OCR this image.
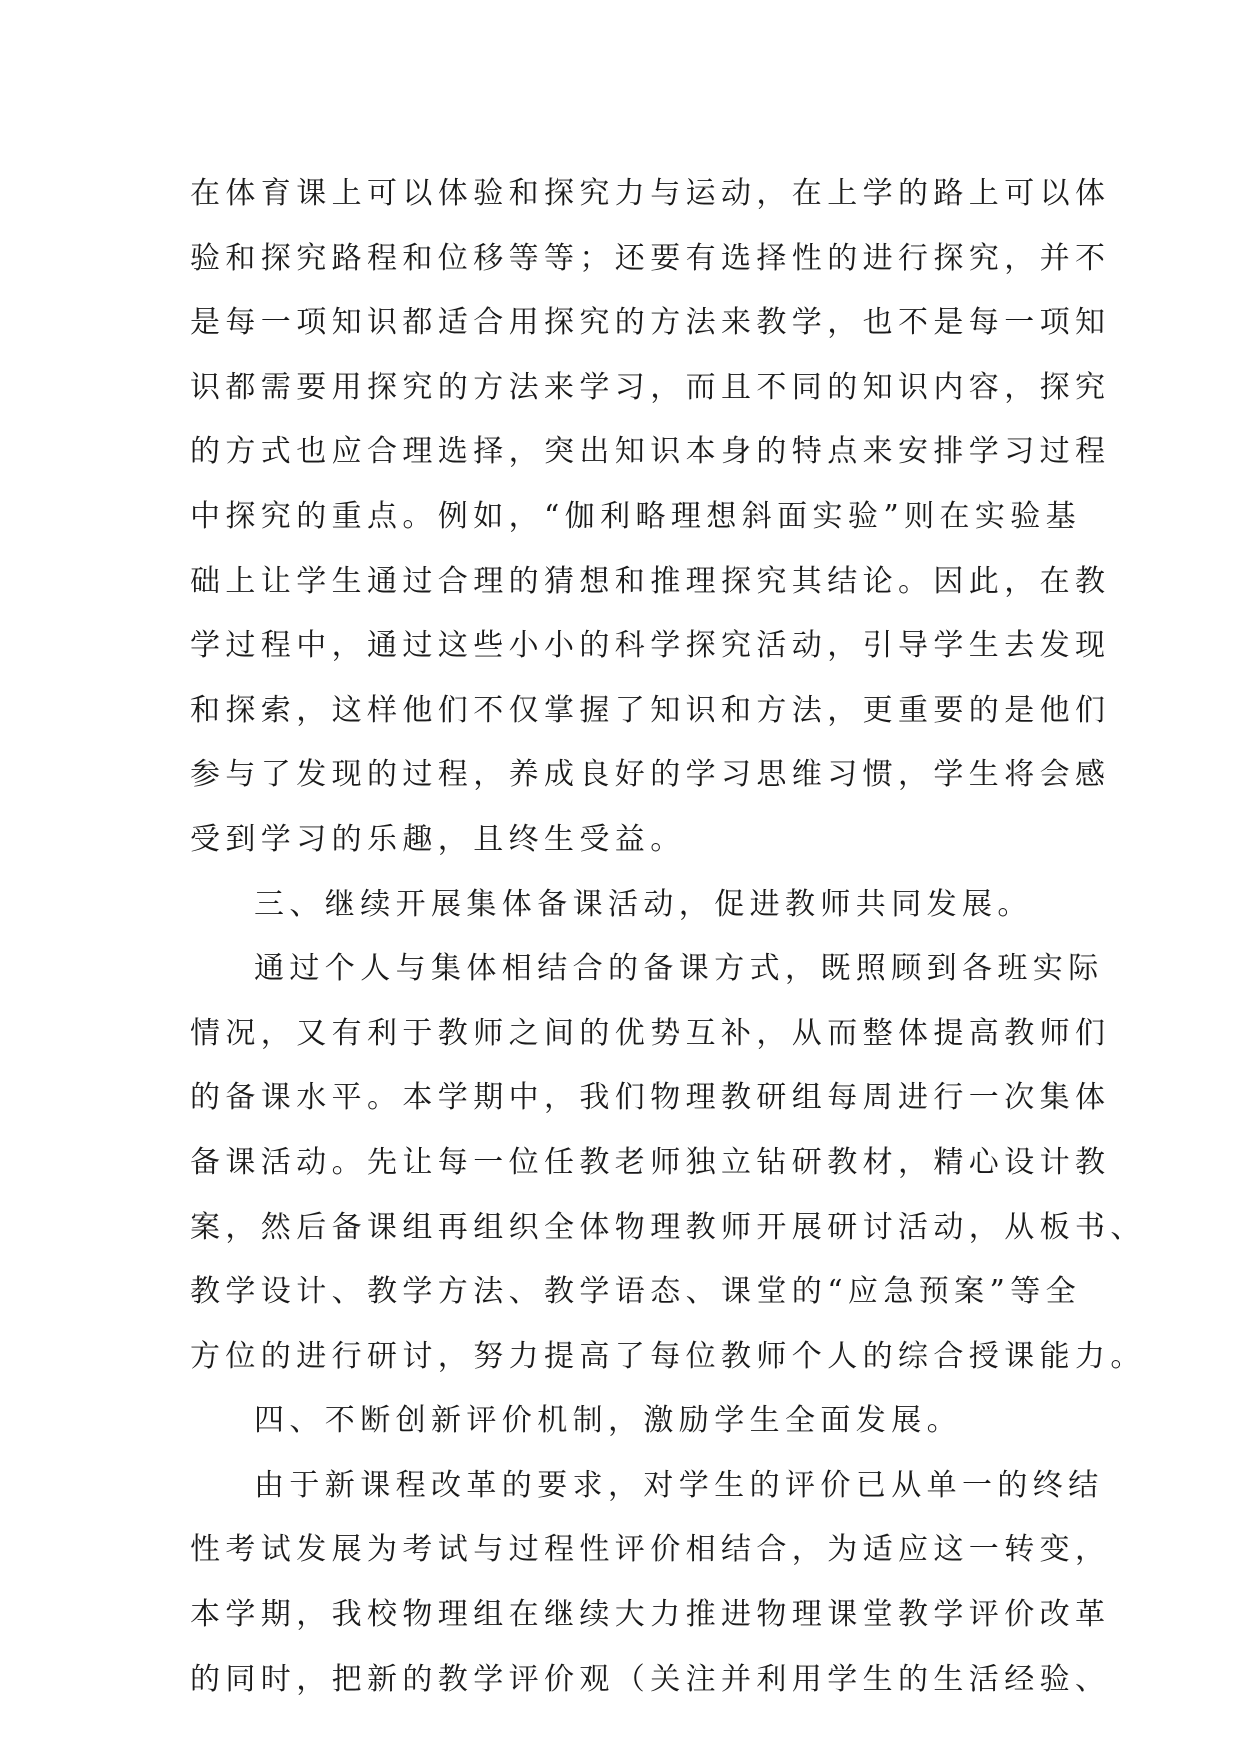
在体育课上可以体验和探究力与运动，在上学的路上可以体
验和探究路程和位移等等；还要有选择性的进行探究，并不
是每一项知识都适合用探究的方法来教学，也不是每一项知
识都需要用探究的方法来学习，而且不同的知识内容，探究
的方式也应合理选择，突出知识本身的特点来安排学习过程
中探究的重点。例如，“伽利略理想斜面实验”则在实验基
础上让学生通过合理的猜想和推理探究其结论。因此，在教
学过程中，通过这些小小的科学探究活动，引导学生去发现
和探索，这样他们不仅掌握了知识和方法，更重要的是他们
参与了发现的过程，养成良好的学习思维习惯，学生将会感
受到学习的乐趣，且终生受益。
三、继续开展集体备课活动，促进教师共同发展。
通过个人与集体相结合的备课方式，既照顾到各班实际
情况，又有利于教师之间的优势互补，从而整体提高教师们
的备课水平。本学期中，我们物理教研组每周进行一次集体
备课活动。先让每一位任教老师独立钻研教材，精心设计教
案，然后备课组再组织全体物理教师开展研讨活动，从板书、
教学设计、教学方法、教学语态、课堂的“应急预案”等全
方位的进行研讨，努力提高了每位教师个人的综合授课能力。
四、不断创新评价机制，激励学生全面发展。
由于新课程改革的要求，对学生的评价已从单一的终结
性考试发展为考试与过程性评价相结合，为适应这一转变，
本学期，我校物理组在继续大力推进物理课堂教学评价改革
的同时，把新的教学评价观（关注并利用学生的生活经验、
